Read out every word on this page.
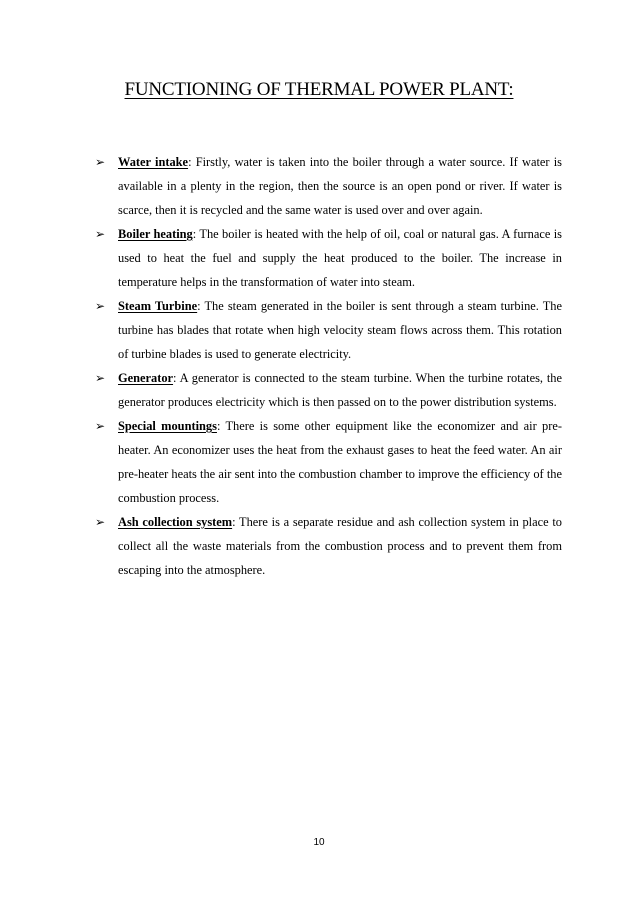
FUNCTIONING OF THERMAL POWER PLANT:
➢ Water intake: Firstly, water is taken into the boiler through a water source. If water is available in a plenty in the region, then the source is an open pond or river. If water is scarce, then it is recycled and the same water is used over and over again.
➢ Boiler heating: The boiler is heated with the help of oil, coal or natural gas. A furnace is used to heat the fuel and supply the heat produced to the boiler. The increase in temperature helps in the transformation of water into steam.
➢ Steam Turbine: The steam generated in the boiler is sent through a steam turbine. The turbine has blades that rotate when high velocity steam flows across them. This rotation of turbine blades is used to generate electricity.
➢ Generator: A generator is connected to the steam turbine. When the turbine rotates, the generator produces electricity which is then passed on to the power distribution systems.
➢ Special mountings: There is some other equipment like the economizer and air pre-heater. An economizer uses the heat from the exhaust gases to heat the feed water. An air pre-heater heats the air sent into the combustion chamber to improve the efficiency of the combustion process.
➢ Ash collection system: There is a separate residue and ash collection system in place to collect all the waste materials from the combustion process and to prevent them from escaping into the atmosphere.
10
